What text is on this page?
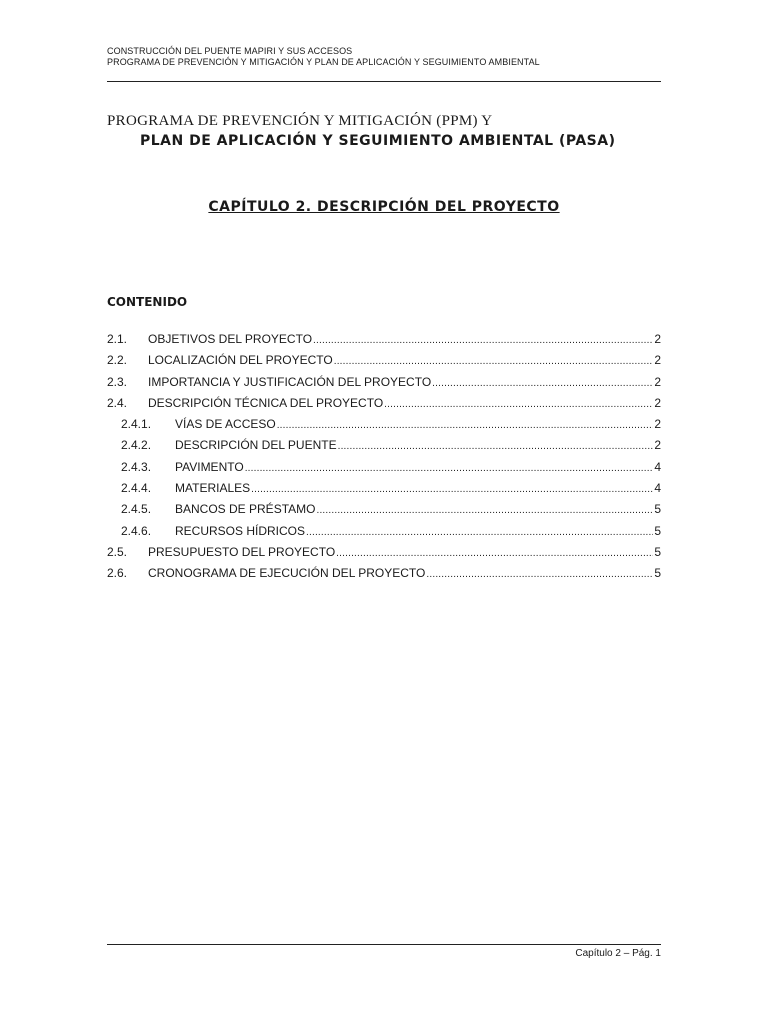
CONSTRUCCIÓN DEL PUENTE MAPIRI Y SUS ACCESOS
PROGRAMA DE PREVENCIÓN Y MITIGACIÓN Y PLAN DE APLICACIÓN Y SEGUIMIENTO AMBIENTAL
PROGRAMA DE PREVENCIÓN Y MITIGACIÓN (PPM) Y
PLAN DE APLICACIÓN Y SEGUIMIENTO AMBIENTAL (PASA)
CAPÍTULO 2. DESCRIPCIÓN DEL PROYECTO
CONTENIDO
2.1.	OBJETIVOS DEL PROYECTO .....	2
2.2.	LOCALIZACIÓN DEL PROYECTO .....	2
2.3.	IMPORTANCIA Y JUSTIFICACIÓN DEL PROYECTO .....	2
2.4.	DESCRIPCIÓN TÉCNICA DEL PROYECTO .....	2
2.4.1.	VÍAS DE ACCESO .....	2
2.4.2.	DESCRIPCIÓN DEL PUENTE .....	2
2.4.3.	PAVIMENTO .....	4
2.4.4.	MATERIALES .....	4
2.4.5.	BANCOS DE PRÉSTAMO .....	5
2.4.6.	RECURSOS HÍDRICOS .....	5
2.5.	PRESUPUESTO DEL PROYECTO .....	5
2.6.	CRONOGRAMA DE EJECUCIÓN DEL PROYECTO .....	5
Capítulo 2 – Pág. 1
